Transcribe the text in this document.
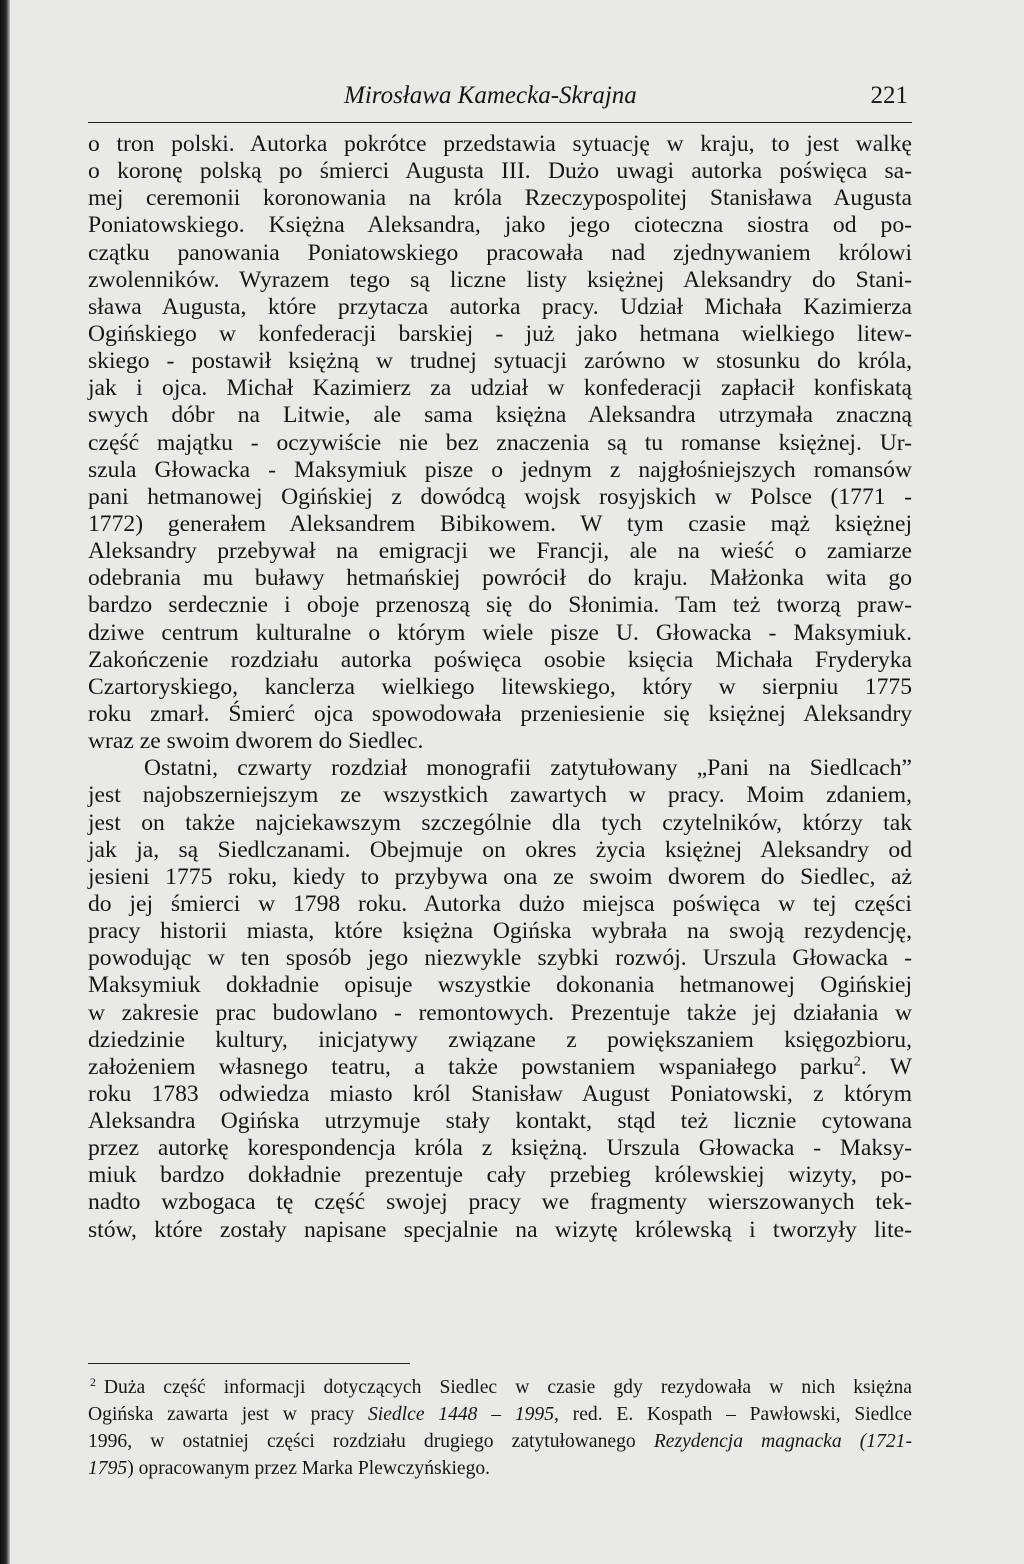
Mirosława Kamecka-Skrajna	221
o tron polski. Autorka pokrótce przedstawia sytuację w kraju, to jest walkę
o koronę polską po śmierci Augusta III. Dużo uwagi autorka poświęca sa-
mej ceremonii koronowania na króla Rzeczypospolitej Stanisława Augusta
Poniatowskiego. Księżna Aleksandra, jako jego cioteczna siostra od po-
czątku panowania Poniatowskiego pracowała nad zjednywaniem królowi
zwolenników. Wyrazem tego są liczne listy księżnej Aleksandry do Stani-
sława Augusta, które przytacza autorka pracy. Udział Michała Kazimierza
Ogińskiego w konfederacji barskiej - już jako hetmana wielkiego litew-
skiego - postawił księżną w trudnej sytuacji zarówno w stosunku do króla,
jak i ojca. Michał Kazimierz za udział w konfederacji zapłacił konfiskatą
swych dóbr na Litwie, ale sama księżna Aleksandra utrzymała znaczną
część majątku - oczywiście nie bez znaczenia są tu romanse księżnej. Ur-
szula Głowacka - Maksymiuk pisze o jednym z najgłośniejszych romansów
pani hetmanowej Ogińskiej z dowódcą wojsk rosyjskich w Polsce (1771 -
1772) generałem Aleksandrem Bibikowem. W tym czasie mąż księżnej
Aleksandry przebywał na emigracji we Francji, ale na wieść o zamiarze
odebrania mu buławy hetmańskiej powrócił do kraju. Małżonka wita go
bardzo serdecznie i oboje przenoszą się do Słonimia. Tam też tworzą praw-
dziwe centrum kulturalne o którym wiele pisze U. Głowacka - Maksymiuk.
Zakończenie rozdziału autorka poświęca osobie księcia Michała Fryderyka
Czartoryskiego, kanclerza wielkiego litewskiego, który w sierpniu 1775
roku zmarł. Śmierć ojca spowodowała przeniesienie się księżnej Aleksandry
wraz ze swoim dworem do Siedlec.
Ostatni, czwarty rozdział monografii zatytułowany „Pani na Siedlcach”
jest najobszerniejszym ze wszystkich zawartych w pracy. Moim zdaniem,
jest on także najciekawszym szczególnie dla tych czytelników, którzy tak
jak ja, są Siedlczanami. Obejmuje on okres życia księżnej Aleksandry od
jesieni 1775 roku, kiedy to przybywa ona ze swoim dworem do Siedlec, aż
do jej śmierci w 1798 roku. Autorka dużo miejsca poświęca w tej części
pracy historii miasta, które księżna Ogińska wybrała na swoją rezydencję,
powodując w ten sposób jego niezwykle szybki rozwój. Urszula Głowacka -
Maksymiuk dokładnie opisuje wszystkie dokonania hetmanowej Ogińskiej
w zakresie prac budowlano - remontowych. Prezentuje także jej działania w
dziedzinie kultury, inicjatywy związane z powiększaniem księgozbioru,
założeniem własnego teatru, a także powstaniem wspaniałego parku$^2$. W
roku 1783 odwiedza miasto król Stanisław August Poniatowski, z którym
Aleksandra Ogińska utrzymuje stały kontakt, stąd też licznie cytowana
przez autorkę korespondencja króla z księżną. Urszula Głowacka - Maksy-
miuk bardzo dokładnie prezentuje cały przebieg królewskiej wizyty, po-
nadto wzbogaca tę część swojej pracy we fragmenty wierszowanych tek-
stów, które zostały napisane specjalnie na wizytę królewską i tworzyły lite-
$^2$ Duża część informacji dotyczących Siedlec w czasie gdy rezydowała w nich księżna
Ogińska zawarta jest w pracy Siedlce 1448 – 1995, red. E. Kospath – Pawłowski, Siedlce
1996, w ostatniej części rozdziału drugiego zatytułowanego Rezydencja magnacka (1721-
1795) opracowanym przez Marka Plewczyńskiego.
